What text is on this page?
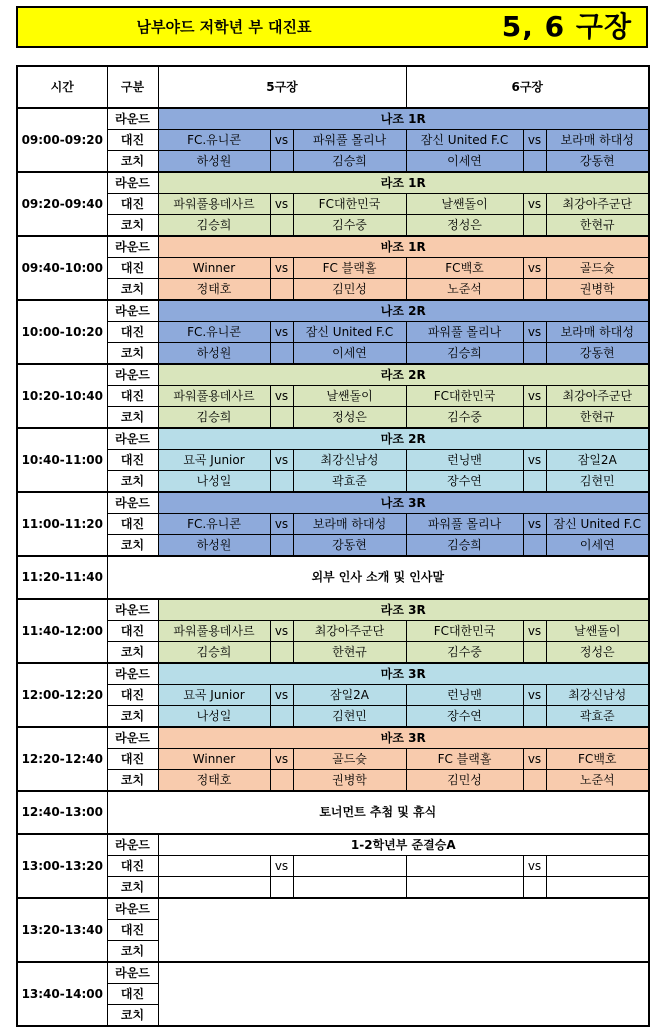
남부야드 저학년 부 대진표	5, 6 구장
시간	구분	5구장			6구장		
09:00-09:20	라운드	나조 1R					
	대진	FC.유니콘	vs	파워풀 몰리나	잠신 United F.C	vs	보라매 하대성
	코치	하성원		김승희	이세연		강동현
09:20-09:40	라운드	라조 1R					
	대진	파워풀용데사르	vs	FC대한민국	날쌘돌이	vs	최강아주군단
	코치	김승희		김수중	정성은		한현규
09:40-10:00	라운드	바조 1R					
	대진	Winner	vs	FC 블랙홀	FC백호	vs	골드슛
	코치	정태호		김민성	노준석		권병학
10:00-10:20	라운드	나조 2R					
	대진	FC.유니콘	vs	잠신 United F.C	파워풀 몰리나	vs	보라매 하대성
	코치	하성원		이세연	김승희		강동현
10:20-10:40	라운드	라조 2R					
	대진	파워풀용데사르	vs	날쌘돌이	FC대한민국	vs	최강아주군단
	코치	김승희		정성은	김수중		한현규
10:40-11:00	라운드	마조 2R					
	대진	묘곡 Junior	vs	최강신남성	런닝맨	vs	잠일2A
	코치	나성일		곽효준	장수연		김현민
11:00-11:20	라운드	나조 3R					
	대진	FC.유니콘	vs	보라매 하대성	파워풀 몰리나	vs	잠신 United F.C
	코치	하성원		강동현	김승희		이세연
11:20-11:40	외부 인사 소개 및 인사말						
11:40-12:00	라운드	라조 3R					
	대진	파워풀용데사르	vs	최강아주군단	FC대한민국	vs	날쌘돌이
	코치	김승희		한현규	김수중		정성은
12:00-12:20	라운드	마조 3R					
	대진	묘곡 Junior	vs	잠일2A	런닝맨	vs	최강신남성
	코치	나성일		김현민	장수연		곽효준
12:20-12:40	라운드	바조 3R					
	대진	Winner	vs	골드슛	FC 블랙홀	vs	FC백호
	코치	정태호		권병학	김민성		노준석
12:40-13:00	토너먼트 추첨 및 휴식						
13:00-13:20	라운드	1-2학년부 준결승A					
	대진		vs			vs	
	코치						
13:20-13:40	라운드						
	대진						
	코치						
13:40-14:00	라운드						
	대진						
	코치						
